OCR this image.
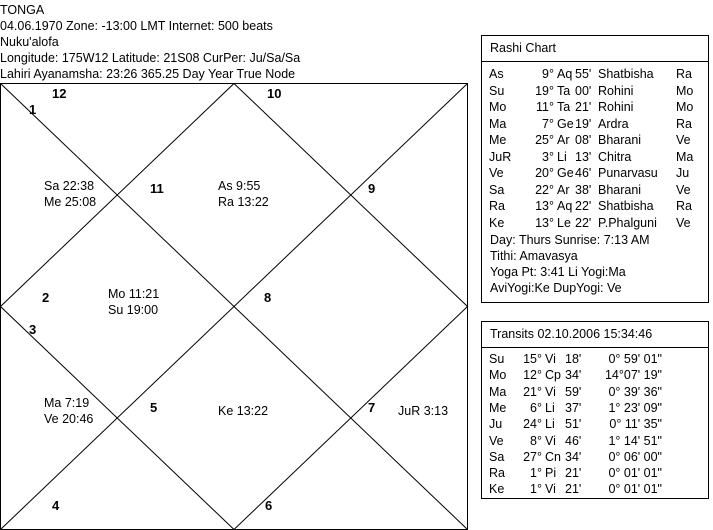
TONGA
04.06.1970 Zone: -13:00 LMT Internet: 500 beats
Nuku'alofa
Longitude: 175W12 Latitude: 21S08 CurPer: Ju/Sa/Sa
Lahiri Ayanamsha: 23:26 365.25 Day Year True Node
12	10
1
11	9
2	8
3
5	7
4	6
Sa 22:38
Me 25:08
As 9:55
Ra 13:22
Mo 11:21
Su 19:00
Ma 7:19
Ve 20:46
Ke 13:22	JuR 3:13
Rashi Chart
As	9° Aq 55' Shatbisha Ra
Su 19° Ta 00' Rohini	Mo
Mo 11° Ta 21' Rohini	Mo
Ma	7° Ge 19' Ardra	Ra
Me 25° Ar 08' Bharani	Ve
JuR 3° Li 13' Chitra	Ma
Ve	20° Ge 46' Punarvasu Ju
Sa 22° Ar 38' Bharani	Ve
Ra 13° Aq 22' Shatbisha Ra
Ke 13° Le 22' P.Phalguni Ve
Day: Thurs Sunrise: 7:13 AM
Tithi: Amavasya
Yoga Pt: 3:41 Li Yogi:Ma
AviYogi:Ke DupYogi: Ve
Transits 02.10.2006 15:34:46
Su 15° Vi 18' 0° 59' 01"
Mo 12° Cp 34' 14°07' 19"
Ma 21° Vi 59' 0° 39' 36"
Me 6° Li 37' 1° 23' 09"
Ju 24° Li 51' 0° 11' 35"
Ve 8° Vi 46' 1° 14' 51"
Sa 27° Cn 34' 0° 06' 00"
Ra 1° Pi 21' 0° 01' 01"
Ke 1° Vi 21' 0° 01' 01"
